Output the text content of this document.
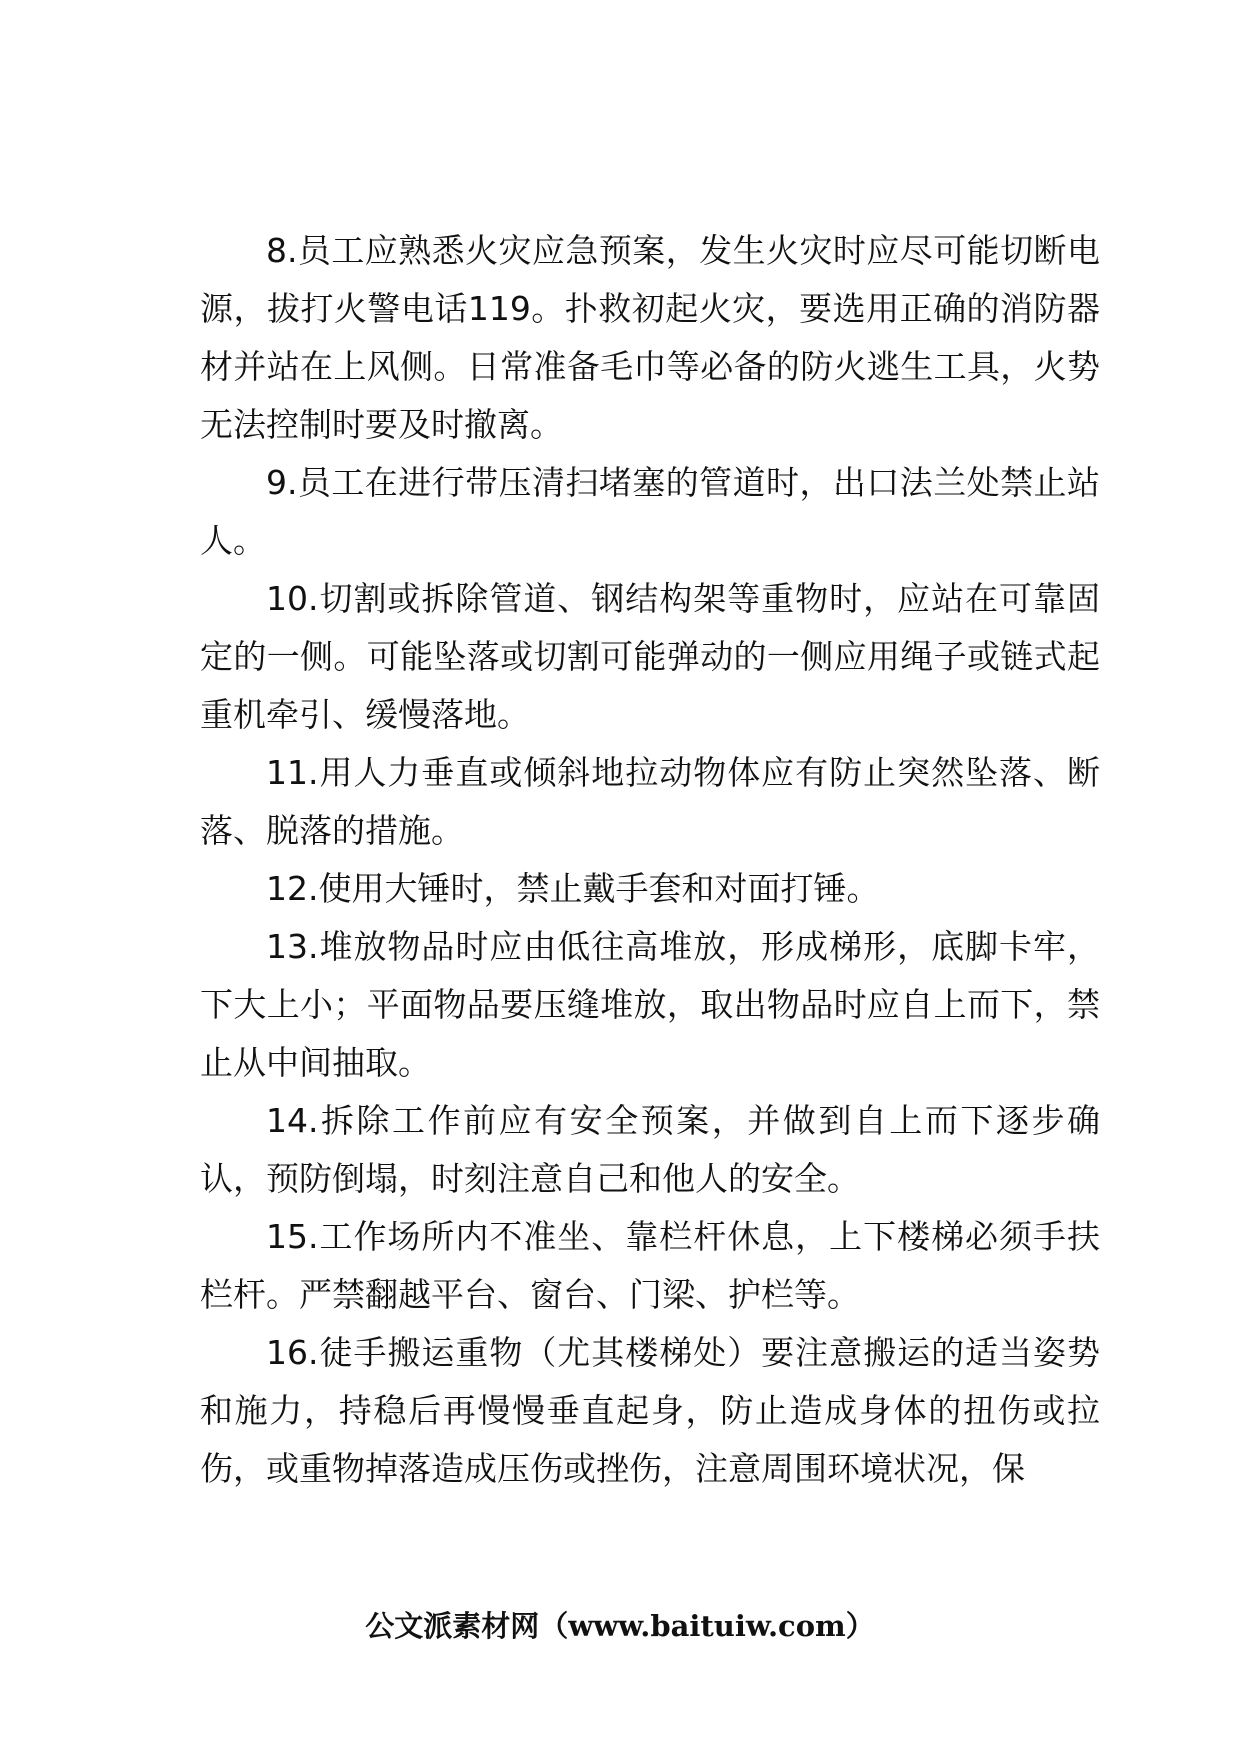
8.员工应熟悉火灾应急预案，发生火灾时应尽可能切断电源，拔打火警电话119。扑救初起火灾，要选用正确的消防器材并站在上风侧。日常准备毛巾等必备的防火逃生工具，火势无法控制时要及时撤离。

9.员工在进行带压清扫堵塞的管道时，出口法兰处禁止站人。

10.切割或拆除管道、钢结构架等重物时，应站在可靠固定的一侧。可能坠落或切割可能弹动的一侧应用绳子或链式起重机牵引、缓慢落地。

11.用人力垂直或倾斜地拉动物体应有防止突然坠落、断落、脱落的措施。

12.使用大锤时，禁止戴手套和对面打锤。

13.堆放物品时应由低往高堆放，形成梯形，底脚卡牢，下大上小；平面物品要压缝堆放，取出物品时应自上而下，禁止从中间抽取。

14.拆除工作前应有安全预案，并做到自上而下逐步确认，预防倒塌，时刻注意自己和他人的安全。

15.工作场所内不准坐、靠栏杆休息，上下楼梯必须手扶栏杆。严禁翻越平台、窗台、门梁、护栏等。

16.徒手搬运重物（尤其楼梯处）要注意搬运的适当姿势和施力，持稳后再慢慢垂直起身，防止造成身体的扭伤或拉伤，或重物掉落造成压伤或挫伤，注意周围环境状况，保

公文派素材网（www.baituiw.com）
